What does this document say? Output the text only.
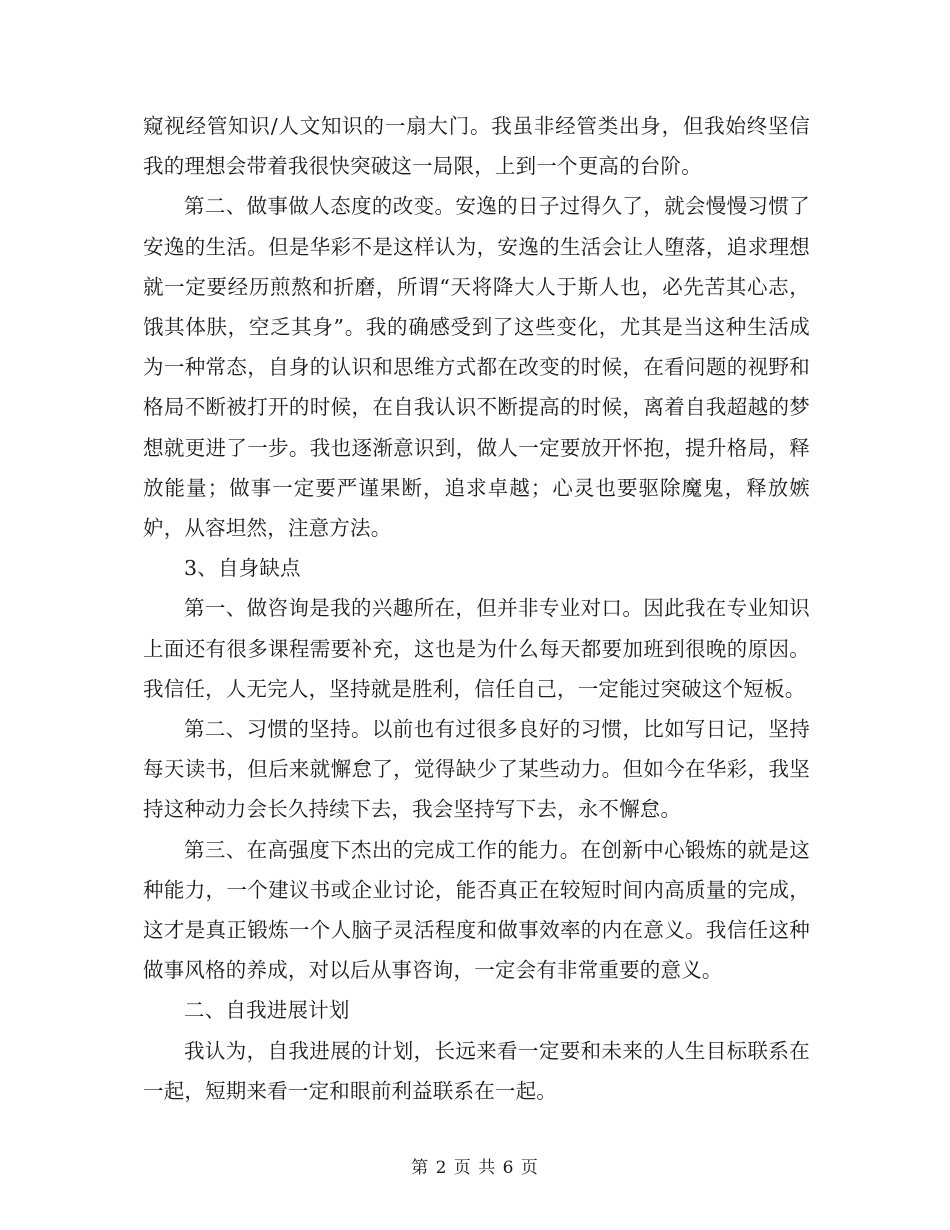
窥视经管知识/人文知识的一扇大门。我虽非经管类出身，但我始终坚信我的理想会带着我很快突破这一局限，上到一个更高的台阶。

第二、做事做人态度的改变。安逸的日子过得久了，就会慢慢习惯了安逸的生活。但是华彩不是这样认为，安逸的生活会让人堕落，追求理想就一定要经历煎熬和折磨，所谓“天将降大人于斯人也，必先苦其心志，饿其体肤，空乏其身”。我的确感受到了这些变化，尤其是当这种生活成为一种常态，自身的认识和思维方式都在改变的时候，在看问题的视野和格局不断被打开的时候，在自我认识不断提高的时候，离着自我超越的梦想就更进了一步。我也逐渐意识到，做人一定要放开怀抱，提升格局，释放能量；做事一定要严谨果断，追求卓越；心灵也要驱除魔鬼，释放嫉妒，从容坦然，注意方法。

3、自身缺点

第一、做咨询是我的兴趣所在，但并非专业对口。因此我在专业知识上面还有很多课程需要补充，这也是为什么每天都要加班到很晚的原因。我信任，人无完人，坚持就是胜利，信任自己，一定能过突破这个短板。

第二、习惯的坚持。以前也有过很多良好的习惯，比如写日记，坚持每天读书，但后来就懈怠了，觉得缺少了某些动力。但如今在华彩，我坚持这种动力会长久持续下去，我会坚持写下去，永不懈怠。

第三、在高强度下杰出的完成工作的能力。在创新中心锻炼的就是这种能力，一个建议书或企业讨论，能否真正在较短时间内高质量的完成，这才是真正锻炼一个人脑子灵活程度和做事效率的内在意义。我信任这种做事风格的养成，对以后从事咨询，一定会有非常重要的意义。

二、自我进展计划

我认为，自我进展的计划，长远来看一定要和未来的人生目标联系在一起，短期来看一定和眼前利益联系在一起。

第 2 页 共 6 页
